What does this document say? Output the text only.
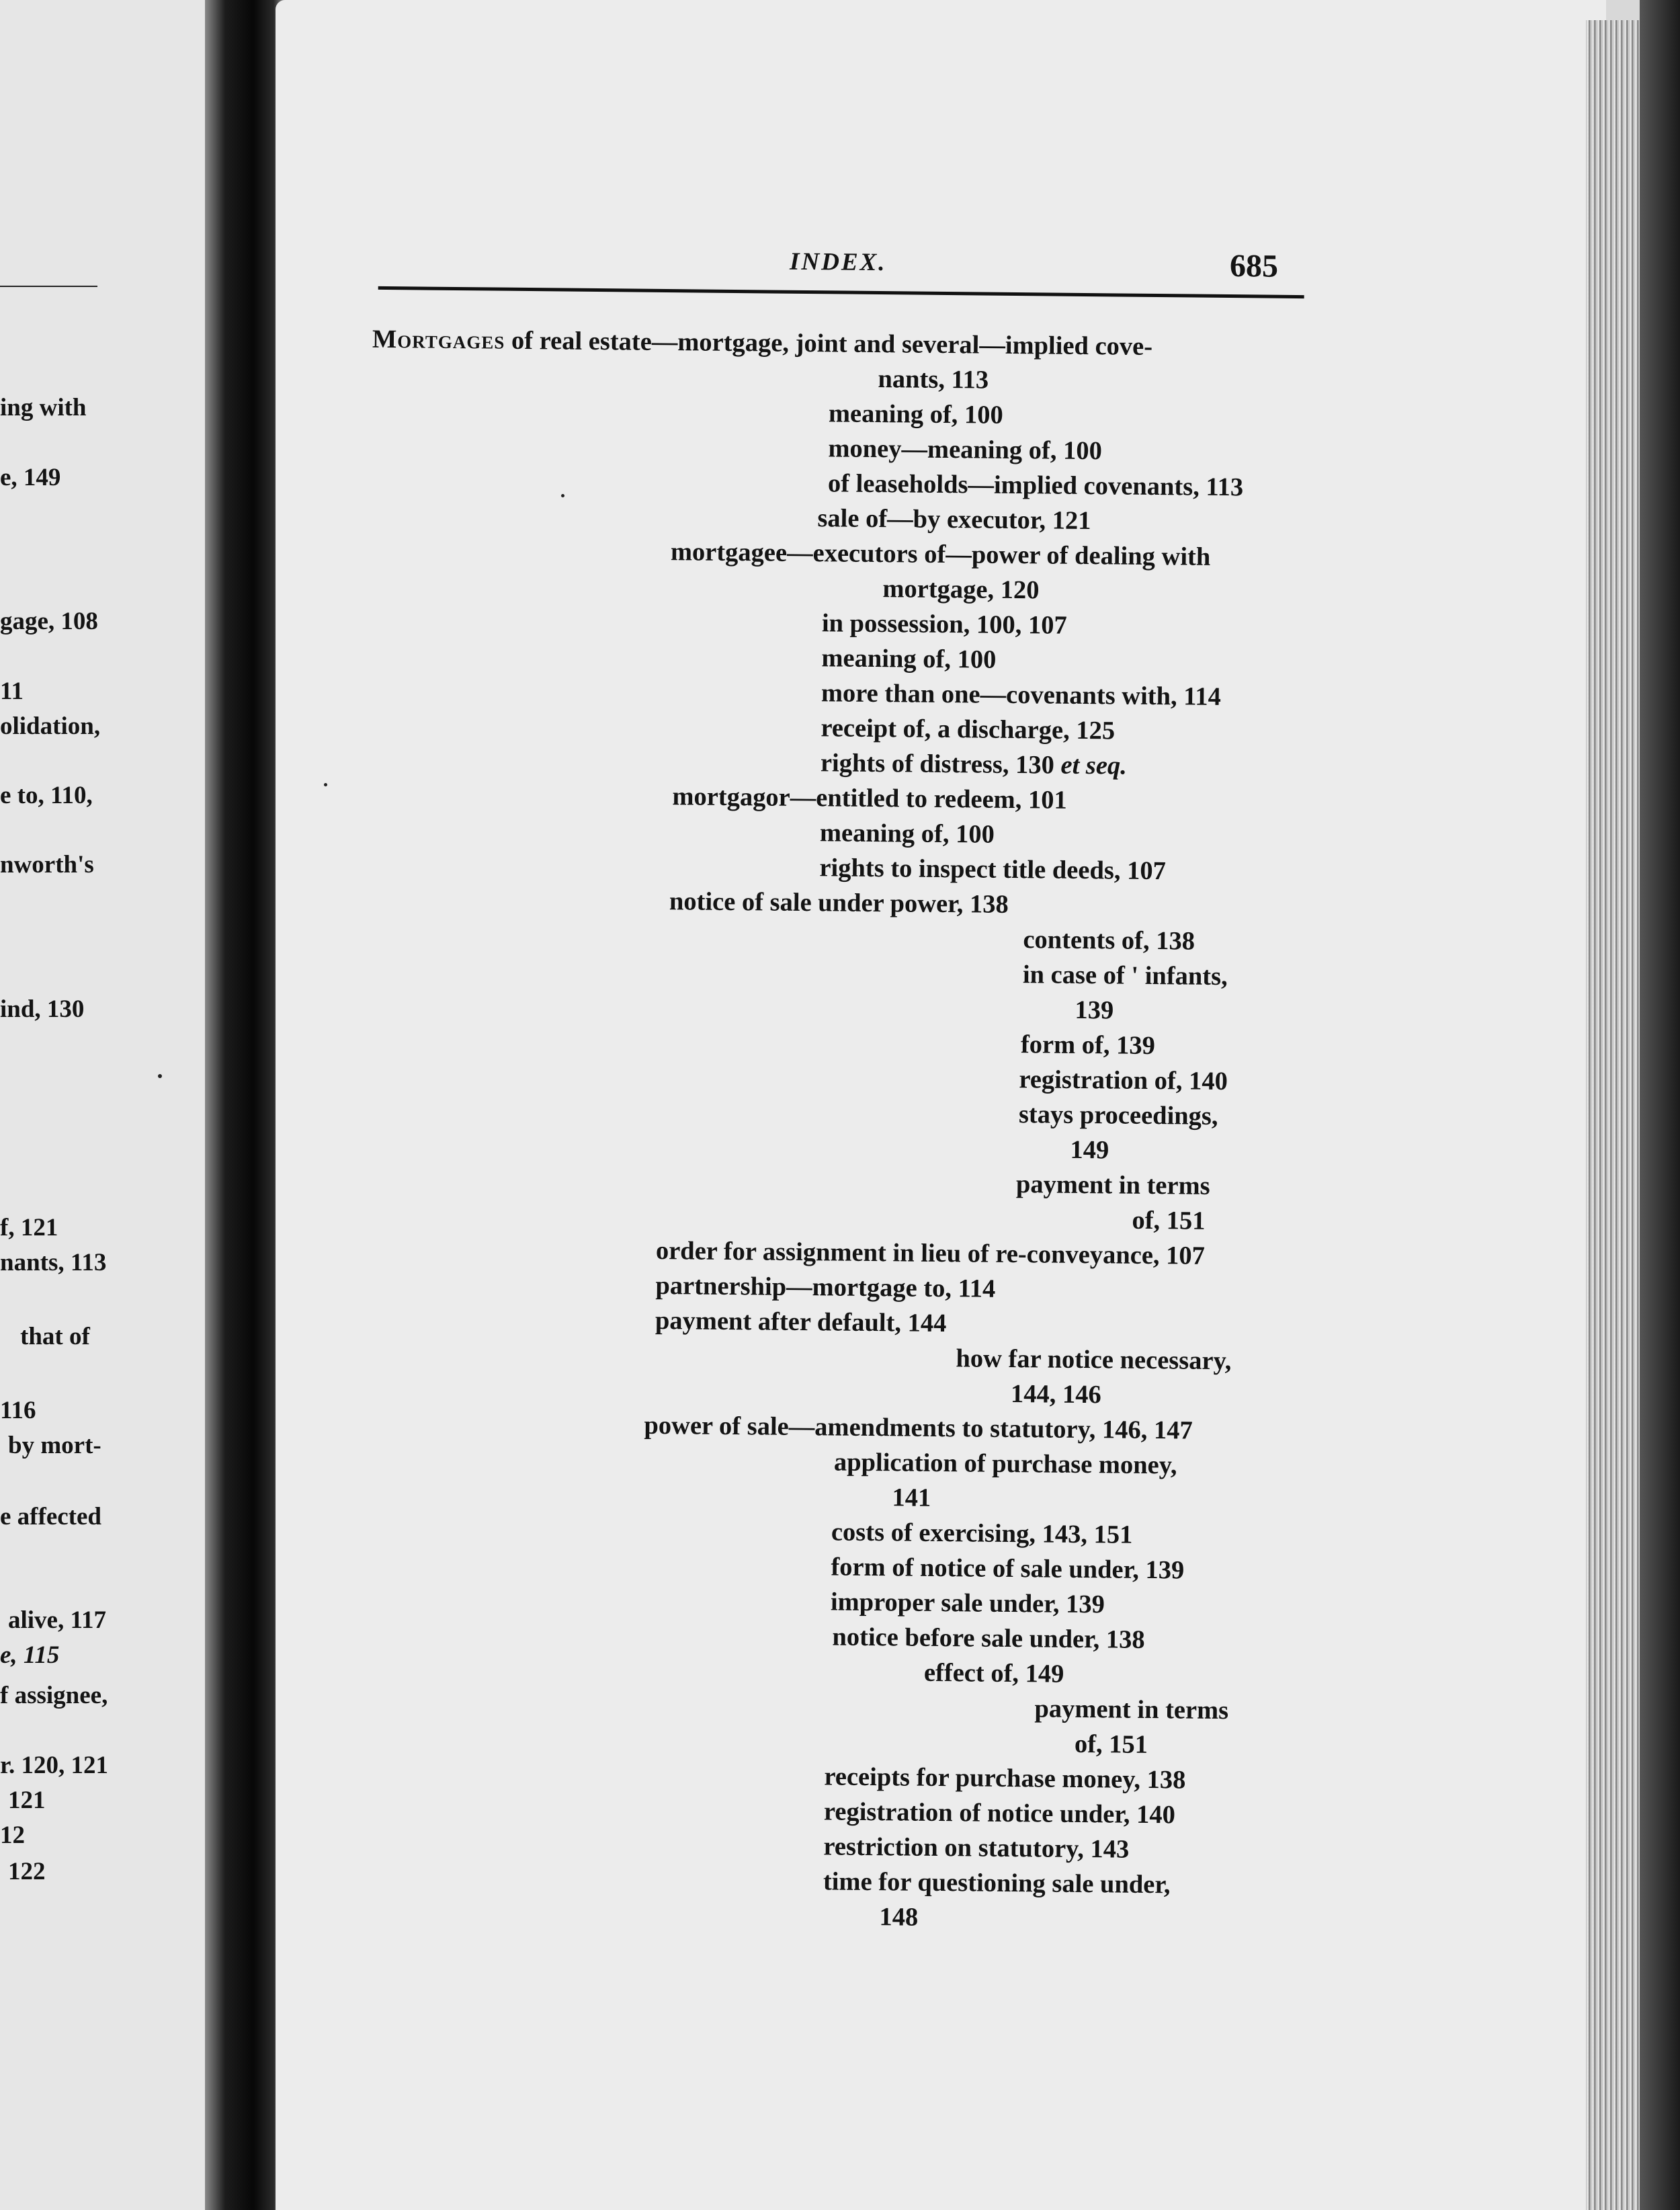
ing with
e, 149
gage, 108
11
olidation,
e to, 110,
nworth's
ind, 130
f, 121
nants, 113
that of
116
by mort-
e affected
alive, 117
e, 115
f assignee,
r. 120, 121
121
12
122
INDEX.	685
Mortgages of real estate—mortgage, joint and several—implied cove-
nants, 113
meaning of, 100
money—meaning of, 100
of leaseholds—implied covenants, 113
sale of—by executor, 121
mortgagee—executors of—power of dealing with
mortgage, 120
in possession, 100, 107
meaning of, 100
more than one—covenants with, 114
receipt of, a discharge, 125
rights of distress, 130 et seq.
mortgagor—entitled to redeem, 101
meaning of, 100
rights to inspect title deeds, 107
notice of sale under power, 138
contents of, 138
in case of ' infants,
139
form of, 139
registration of, 140
stays proceedings,
149
payment in terms
of, 151
order for assignment in lieu of re-conveyance, 107
partnership—mortgage to, 114
payment after default, 144
how far notice necessary,
144, 146
power of sale—amendments to statutory, 146, 147
application of purchase money,
141
costs of exercising, 143, 151
form of notice of sale under, 139
improper sale under, 139
notice before sale under, 138
effect of, 149
payment in terms
of, 151
receipts for purchase money, 138
registration of notice under, 140
restriction on statutory, 143
time for questioning sale under,
148
